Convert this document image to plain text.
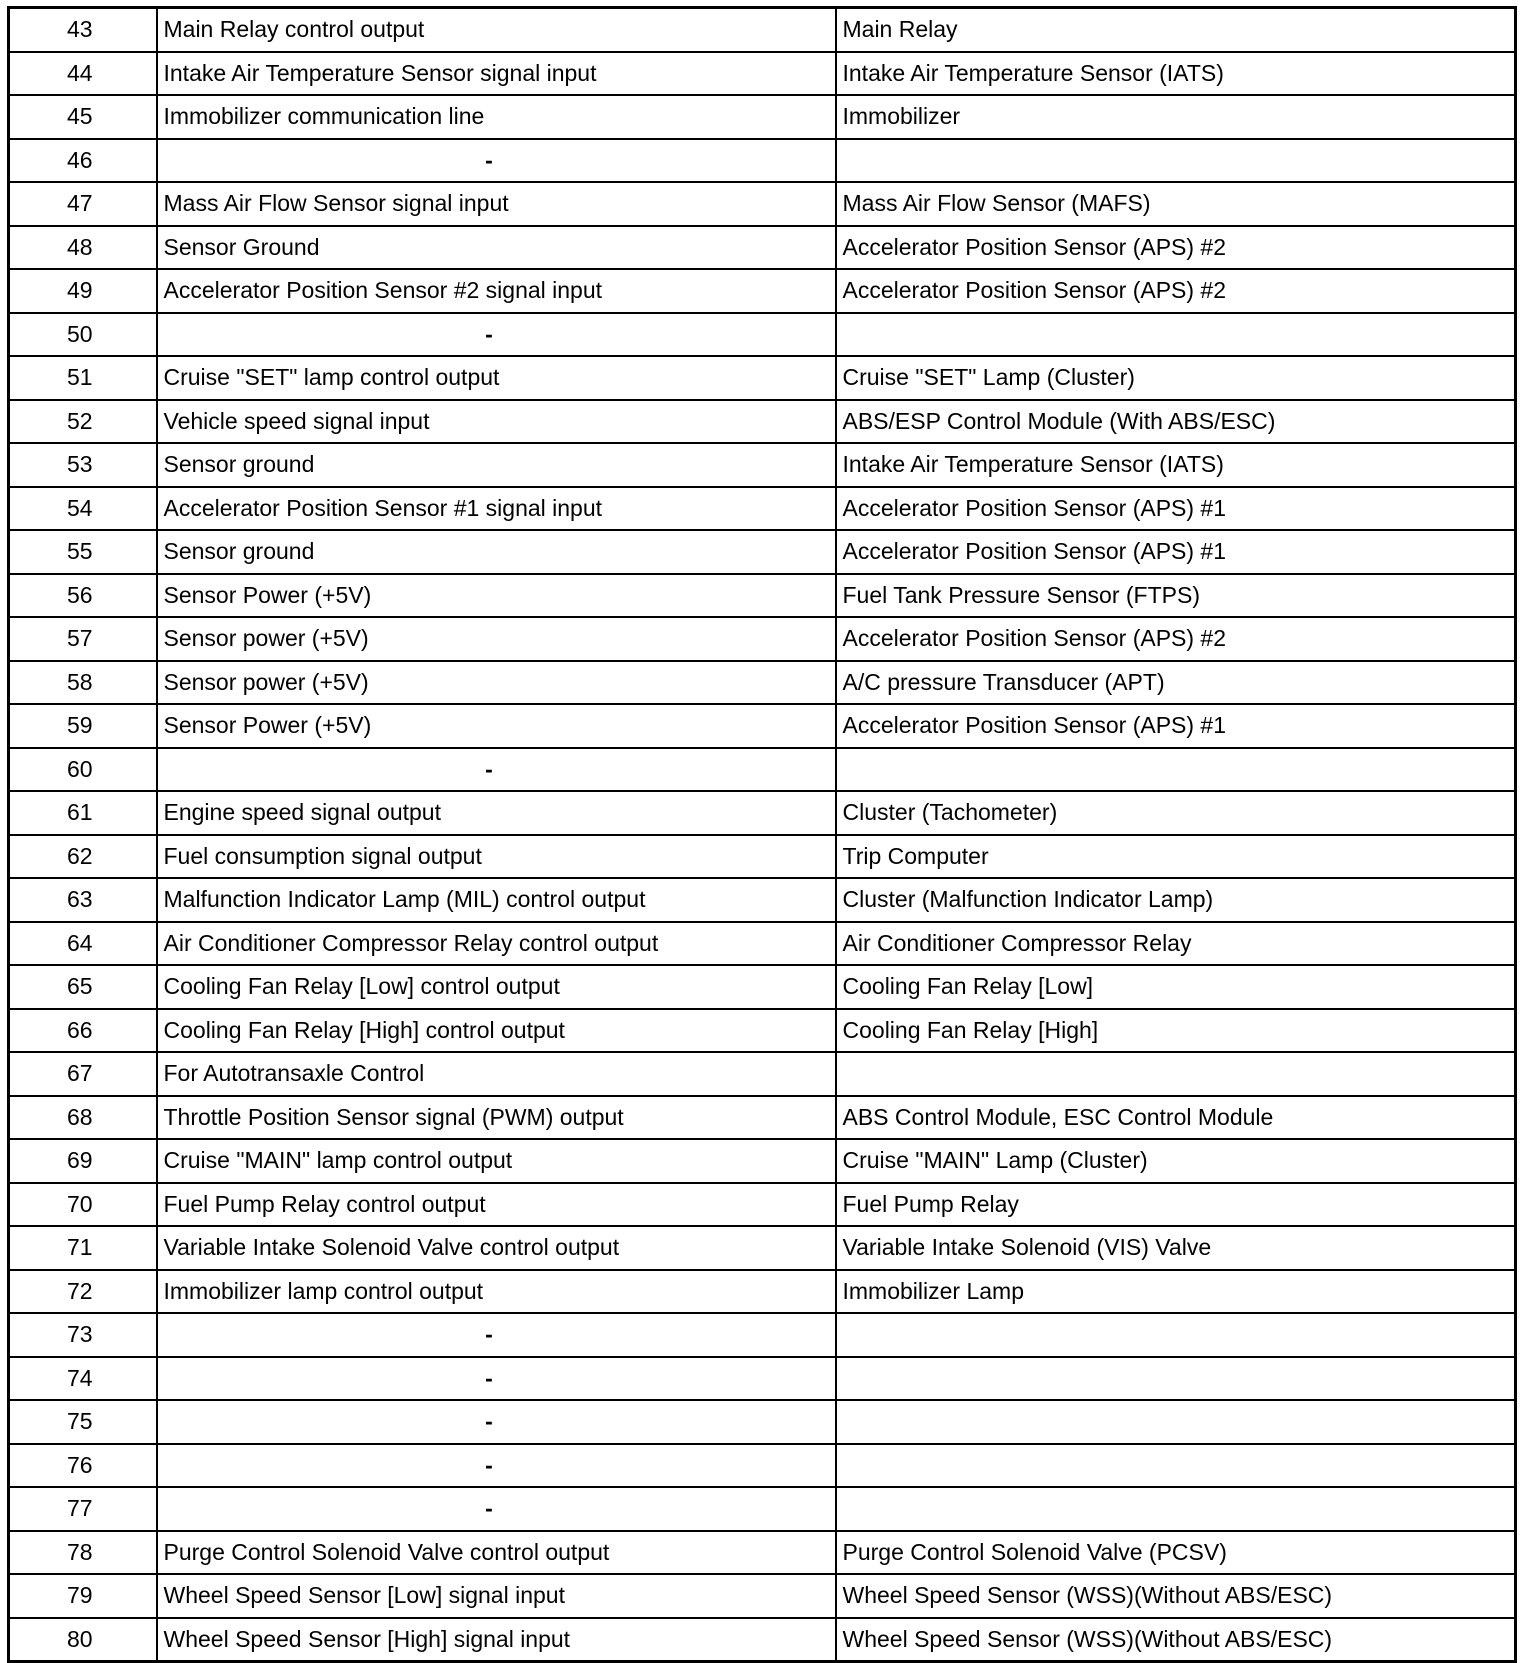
43	Main Relay control output	Main Relay
44	Intake Air Temperature Sensor signal input	Intake Air Temperature Sensor (IATS)
45	Immobilizer communication line	Immobilizer
46	-	
47	Mass Air Flow Sensor signal input	Mass Air Flow Sensor (MAFS)
48	Sensor Ground	Accelerator Position Sensor (APS) #2
49	Accelerator Position Sensor #2 signal input	Accelerator Position Sensor (APS) #2
50	-	
51	Cruise "SET" lamp control output	Cruise "SET" Lamp (Cluster)
52	Vehicle speed signal input	ABS/ESP Control Module (With ABS/ESC)
53	Sensor ground	Intake Air Temperature Sensor (IATS)
54	Accelerator Position Sensor #1 signal input	Accelerator Position Sensor (APS) #1
55	Sensor ground	Accelerator Position Sensor (APS) #1
56	Sensor Power (+5V)	Fuel Tank Pressure Sensor (FTPS)
57	Sensor power (+5V)	Accelerator Position Sensor (APS) #2
58	Sensor power (+5V)	A/C pressure Transducer (APT)
59	Sensor Power (+5V)	Accelerator Position Sensor (APS) #1
60	-	
61	Engine speed signal output	Cluster (Tachometer)
62	Fuel consumption signal output	Trip Computer
63	Malfunction Indicator Lamp (MIL) control output	Cluster (Malfunction Indicator Lamp)
64	Air Conditioner Compressor Relay control output	Air Conditioner Compressor Relay
65	Cooling Fan Relay [Low] control output	Cooling Fan Relay [Low]
66	Cooling Fan Relay [High] control output	Cooling Fan Relay [High]
67	For Autotransaxle Control	
68	Throttle Position Sensor signal (PWM) output	ABS Control Module, ESC Control Module
69	Cruise "MAIN" lamp control output	Cruise "MAIN" Lamp (Cluster)
70	Fuel Pump Relay control output	Fuel Pump Relay
71	Variable Intake Solenoid Valve control output	Variable Intake Solenoid (VIS) Valve
72	Immobilizer lamp control output	Immobilizer Lamp
73	-	
74	-	
75	-	
76	-	
77	-	
78	Purge Control Solenoid Valve control output	Purge Control Solenoid Valve (PCSV)
79	Wheel Speed Sensor [Low] signal input	Wheel Speed Sensor (WSS)(Without ABS/ESC)
80	Wheel Speed Sensor [High] signal input	Wheel Speed Sensor (WSS)(Without ABS/ESC)
